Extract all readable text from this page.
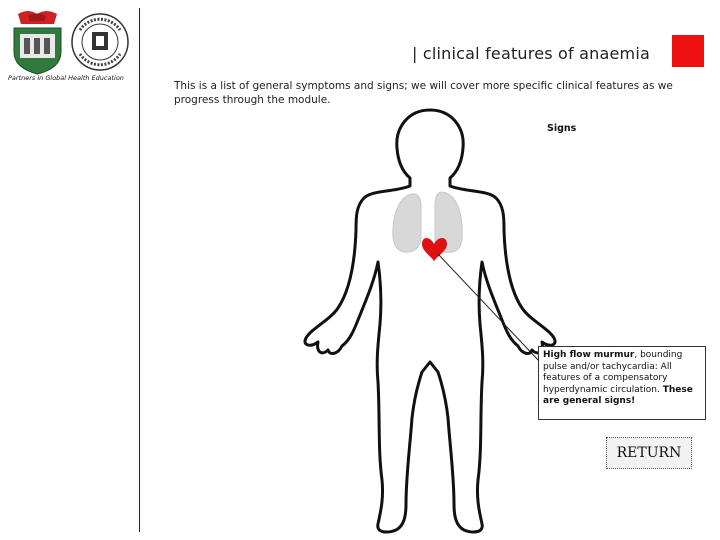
Partners in Global Health Education
| clinical features of anaemia
This is a list of general symptoms and signs; we will cover more specific clinical features as we progress through the module.
Signs
High flow murmur, bounding pulse and/or tachycardia: All features of a compensatory hyperdynamic circulation. These are general signs!
RETURN
